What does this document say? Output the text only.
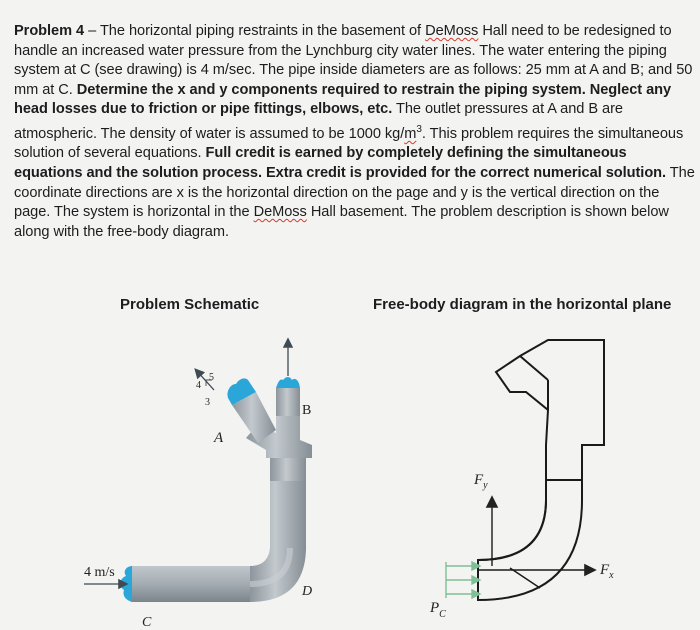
Problem 4 – The horizontal piping restraints in the basement of DeMoss Hall need to be redesigned to handle an increased water pressure from the Lynchburg city water lines. The water entering the piping system at C (see drawing) is 4 m/sec. The pipe inside diameters are as follows: 25 mm at A and B; and 50 mm at C. Determine the x and y components required to restrain the piping system. Neglect any head losses due to friction or pipe fittings, elbows, etc. The outlet pressures at A and B are atmospheric. The density of water is assumed to be 1000 $kg/m^3$. This problem requires the simultaneous solution of several equations. Full credit is earned by completely defining the simultaneous equations and the solution process. Extra credit is provided for the correct numerical solution. The coordinate directions are x is the horizontal direction on the page and y is the vertical direction on the page. The system is horizontal in the DeMoss Hall basement. The problem description is shown below along with the free-body diagram.
Problem Schematic	Free-body diagram in the horizontal plane
4
5
3
A
B
D
C
4 m/s
$F_y$
$F_x$
$P_C$
